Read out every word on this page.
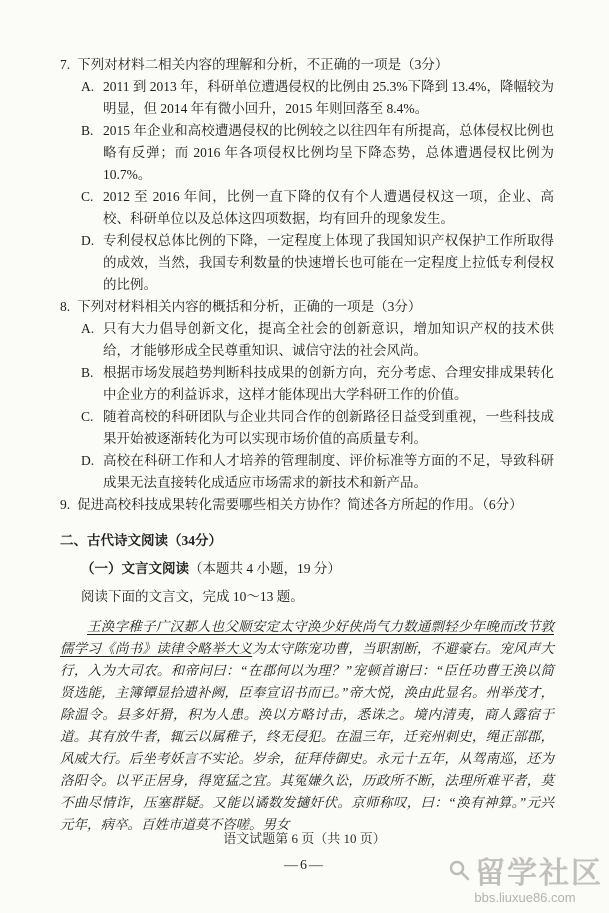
7. 下列对材料二相关内容的理解和分析，不正确的一项是（3分）

A. 2011 到 2013 年，科研单位遭遇侵权的比例由 25.3%下降到 13.4%，降幅较为明显，但 2014 年有微小回升，2015 年则回落至 8.4%。
B. 2015 年企业和高校遭遇侵权的比例较之以往四年有所提高，总体侵权比例也略有反弹；而 2016 年各项侵权比例均呈下降态势，总体遭遇侵权比例为 10.7%。
C. 2012 至 2016 年间，比例一直下降的仅有个人遭遇侵权这一项，企业、高校、科研单位以及总体这四项数据，均有回升的现象发生。
D. 专利侵权总体比例的下降，一定程度上体现了我国知识产权保护工作所取得的成效，当然，我国专利数量的快速增长也可能在一定程度上拉低专利侵权的比例。

8. 下列对材料相关内容的概括和分析，正确的一项是（3分）

A. 只有大力倡导创新文化，提高全社会的创新意识，增加知识产权的技术供给，才能够形成全民尊重知识、诚信守法的社会风尚。
B. 根据市场发展趋势判断科技成果的创新方向，充分考虑、合理安排成果转化中企业方的利益诉求，这样才能体现出大学科研工作的价值。
C. 随着高校的科研团队与企业共同合作的创新路径日益受到重视，一些科技成果开始被逐渐转化为可以实现市场价值的高质量专利。
D. 高校在科研工作和人才培养的管理制度、评价标准等方面的不足，导致科研成果无法直接转化成适应市场需求的新技术和新产品。

9. 促进高校科技成果转化需要哪些相关方协作？简述各方所起的作用。（6分）

二、古代诗文阅读（34分）

（一）文言文阅读（本题共 4 小题，19 分）

阅读下面的文言文，完成 10～13 题。

王涣字稚子广汉郪人也父顺安定太守涣少好侠尚气力数通剽轻少年晚而改节敦儒学习《尚书》读律令略举大义为太守陈宠功曹，当职割断，不避豪右。宠风声大行，入为大司农。和帝问曰：“在郡何以为理？”宠顿首谢曰：“臣任功曹王涣以简贤选能，主簿镡显拾遗补阙，臣奉宣诏书而已。”帝大悦，涣由此显名。州举茂才，除温令。县多奸猾，积为人患。涣以方略讨击，悉诛之。境内清夷，商人露宿于道。其有放牛者，辄云以属稚子，终无侵犯。在温三年，迁兖州刺史，绳正部郡，风威大行。后坐考妖言不实论。岁余，征拜侍御史。永元十五年，从驾南巡，还为洛阳令。以平正居身，得宽猛之宜。其冤嫌久讼，历政所不断，法理所难平者，莫不曲尽情诈，压塞群疑。又能以谲数发擿奸伏。京师称叹，曰：“涣有神算。”元兴元年，病卒。百姓市道莫不咨嗟。男女

语文试题第 6 页（共 10 页）
—6—	留学社区
bbs.liuxue86.com
